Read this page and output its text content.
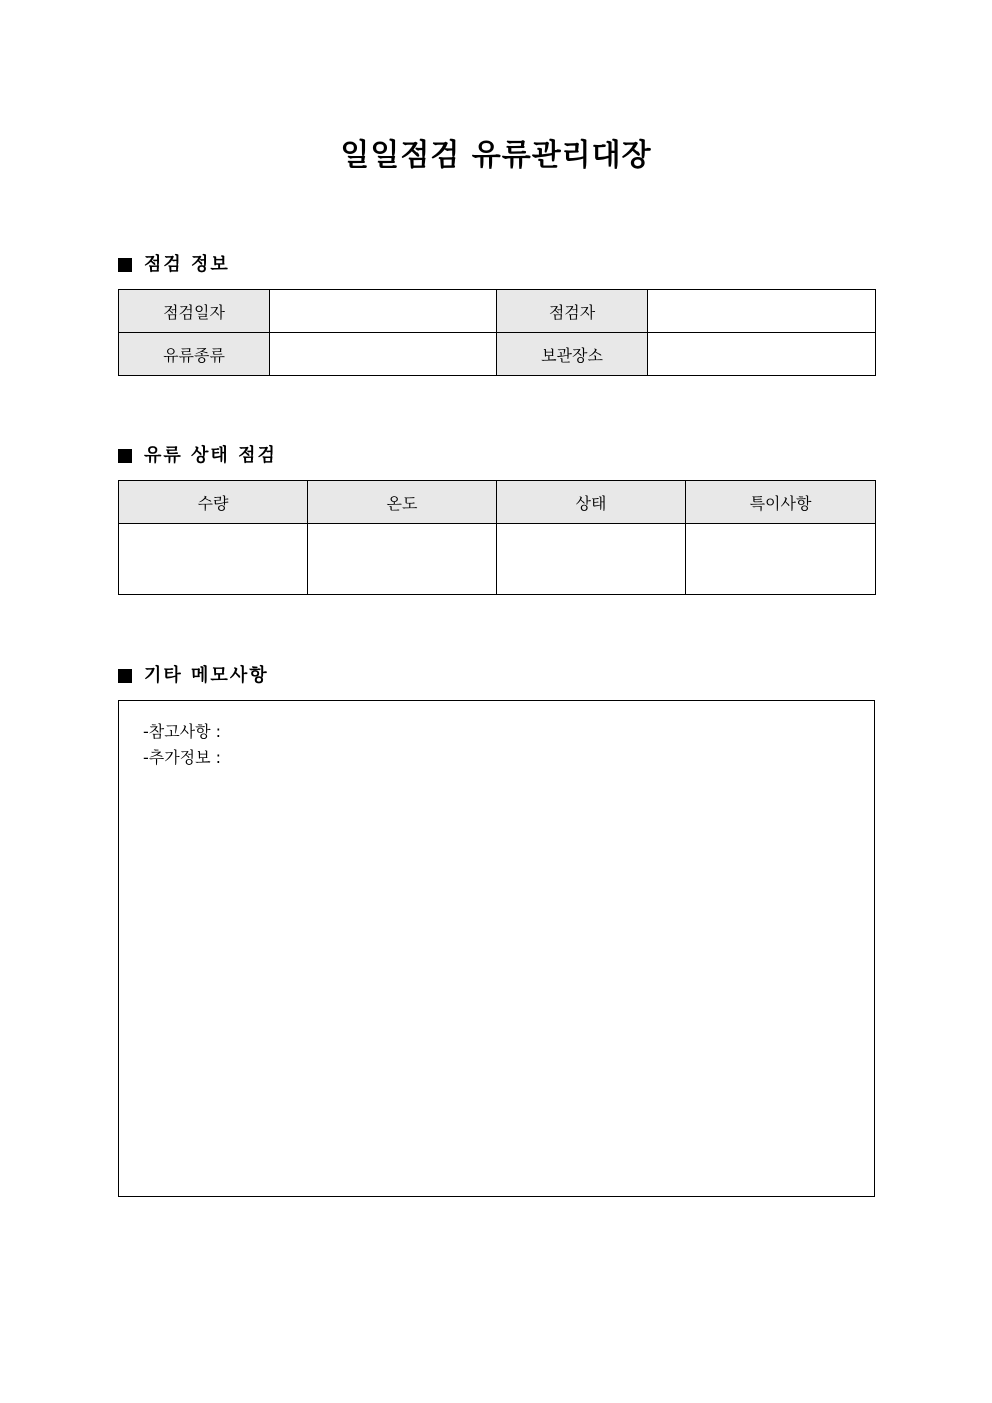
일일점검 유류관리대장
점검 정보
점검일자		점검자	
유류종류		보관장소	
유류 상태 점검
수량	온도	상태	특이사항

기타 메모사항
-참고사항 :
-추가정보 :
